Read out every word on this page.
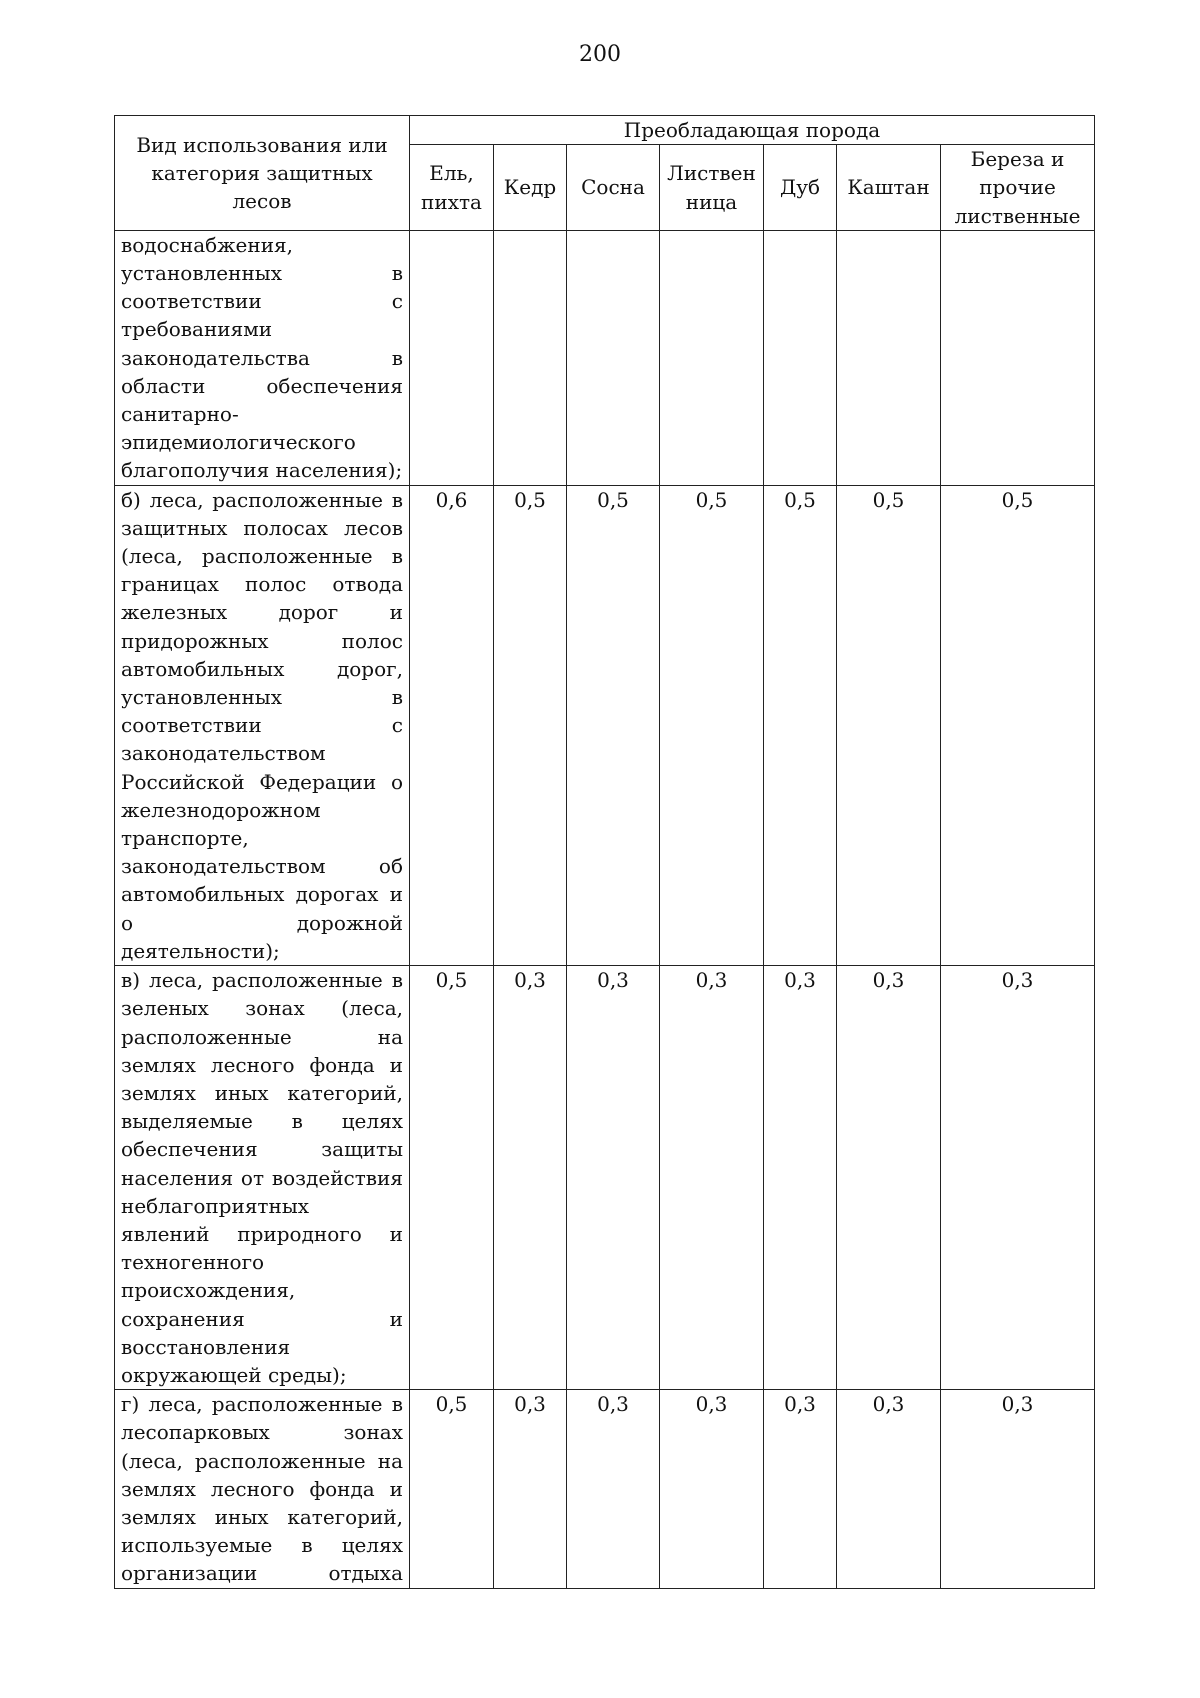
200
Вид использования или категория защитных лесов	Преобладающая порода						
	Ель, пихта	Кедр	Сосна	Листвен ница	Дуб	Каштан	Береза и прочие лиственные
водоснабжения, установленных в соответствии с требованиями законодательства в области обеспечения санитарно-эпидемиологического благополучия населения);							
б) леса, расположенные в защитных полосах лесов (леса, расположенные в границах полос отвода железных дорог и придорожных полос автомобильных дорог, установленных в соответствии с законодательством Российской Федерации о железнодорожном транспорте, законодательством об автомобильных дорогах и о дорожной деятельности);	0,6	0,5	0,5	0,5	0,5	0,5	0,5
в) леса, расположенные в зеленых зонах (леса, расположенные на землях лесного фонда и землях иных категорий, выделяемые в целях обеспечения защиты населения от воздействия неблагоприятных явлений природного и техногенного происхождения, сохранения и восстановления окружающей среды);	0,5	0,3	0,3	0,3	0,3	0,3	0,3
г) леса, расположенные в лесопарковых зонах (леса, расположенные на землях лесного фонда и землях иных категорий, используемые в целях организации отдыха	0,5	0,3	0,3	0,3	0,3	0,3	0,3
